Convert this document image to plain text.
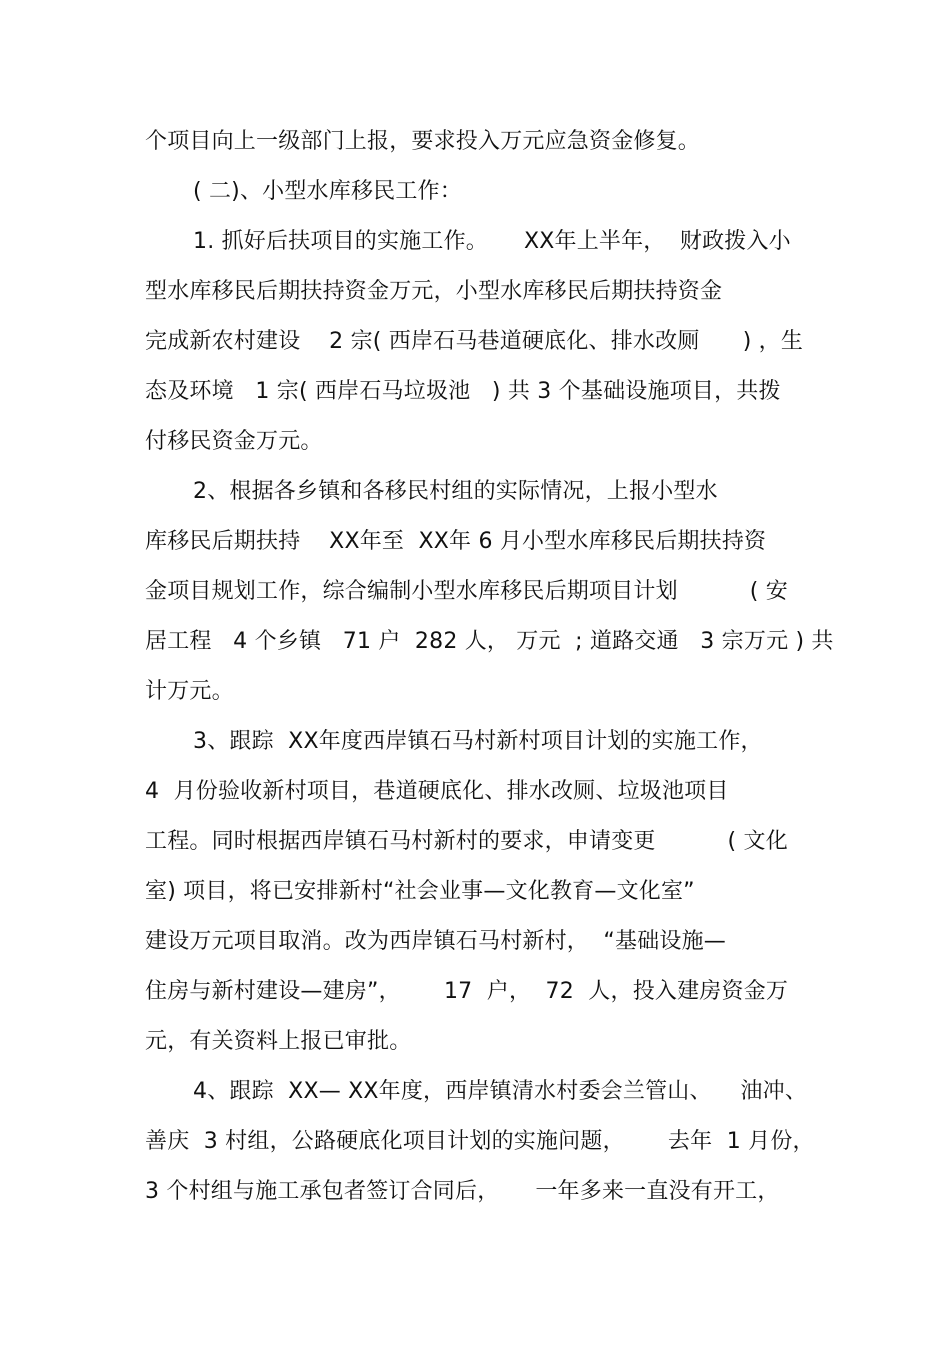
个项目向上一级部门上报，要求投入万元应急资金修复。
( 二)、小型水库移民工作：
1. 抓好后扶项目的实施工作。     XX年上半年，  财政拨入小
型水库移民后期扶持资金万元，小型水库移民后期扶持资金
完成新农村建设    2 宗( 西岸石马巷道硬底化、排水改厕      ) ，生
态及环境   1 宗( 西岸石马垃圾池   ) 共 3 个基础设施项目，共拨
付移民资金万元。
2、根据各乡镇和各移民村组的实际情况，上报小型水
库移民后期扶持    XX年至  XX年 6 月小型水库移民后期扶持资
金项目规划工作，综合编制小型水库移民后期项目计划          ( 安
居工程   4 个乡镇   71 户  282 人， 万元  ; 道路交通   3 宗万元 ) 共
计万元。
3、跟踪  XX年度西岸镇石马村新村项目计划的实施工作，
4  月份验收新村项目，巷道硬底化、排水改厕、垃圾池项目
工程。同时根据西岸镇石马村新村的要求，申请变更          ( 文化
室) 项目，将已安排新村“社会业事—文化教育—文化室”
建设万元项目取消。改为西岸镇石马村新村，  “基础设施—
住房与新村建设—建房”，      17  户，  72  人，投入建房资金万
元，有关资料上报已审批。
4、跟踪  XX— XX年度，西岸镇清水村委会兰管山、    油冲、
善庆  3 村组，公路硬底化项目计划的实施问题，      去年  1 月份，
3 个村组与施工承包者签订合同后，     一年多来一直没有开工，
